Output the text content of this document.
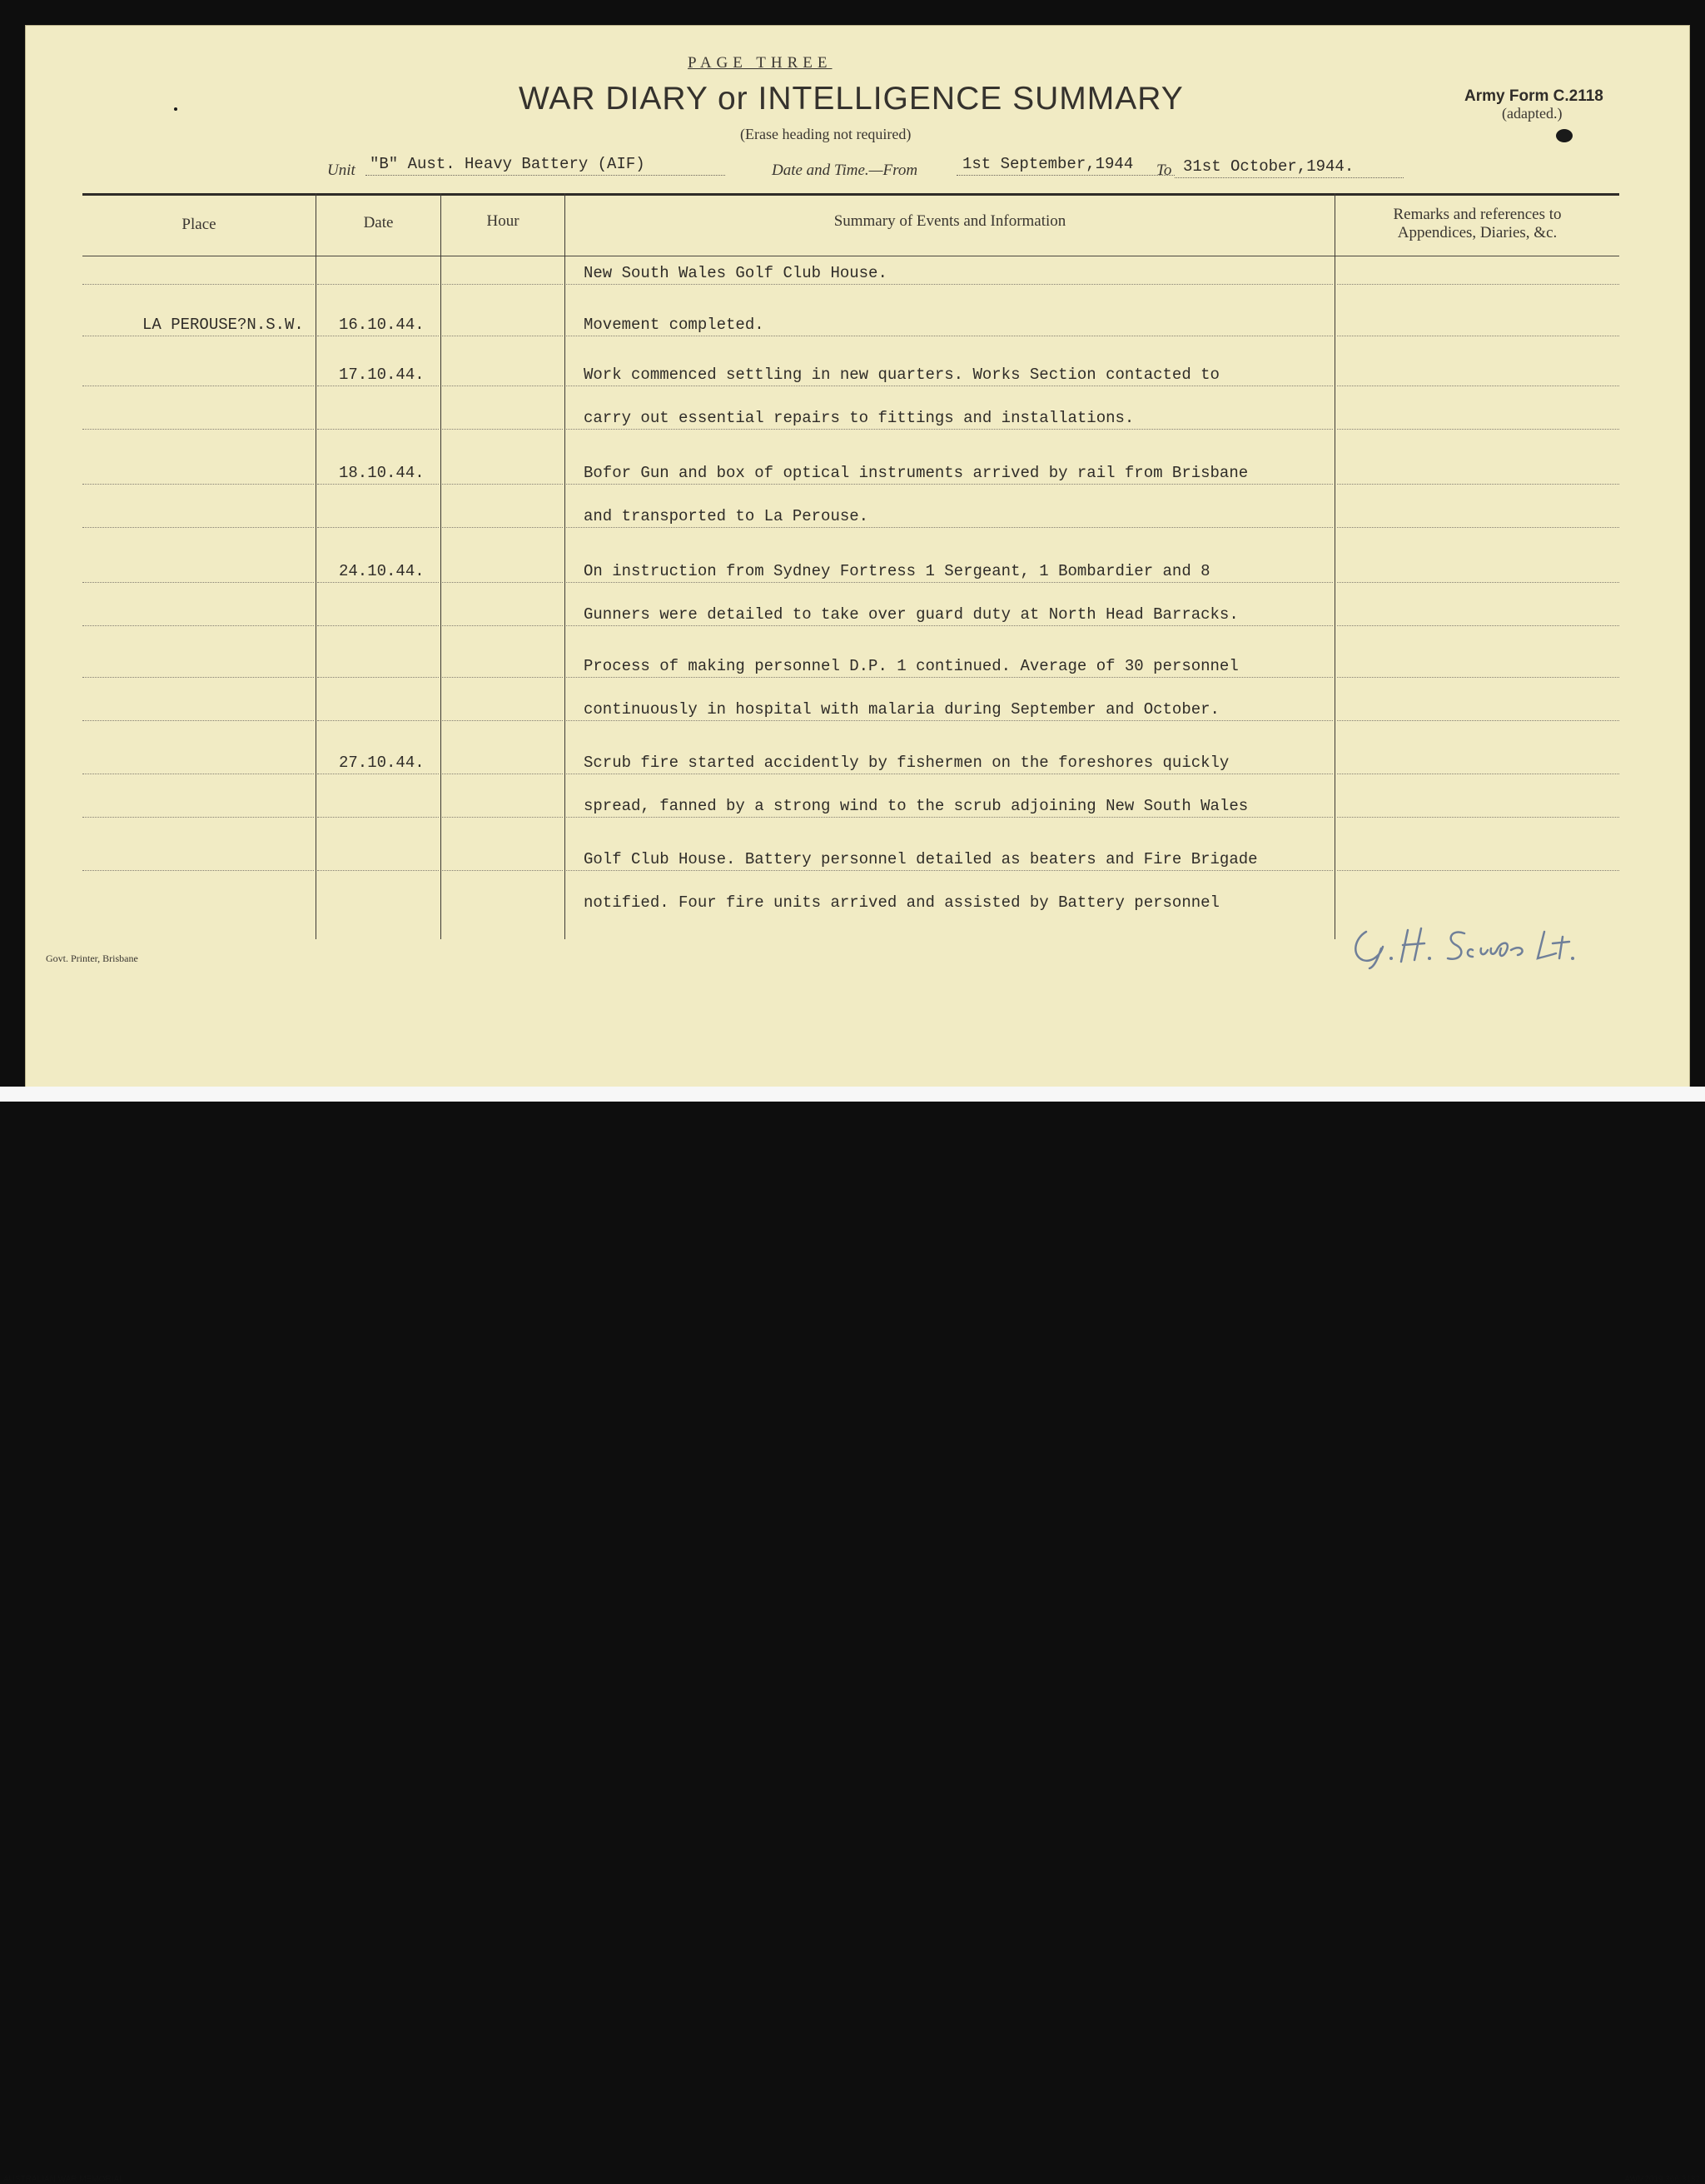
PAGE THREE
WAR DIARY or INTELLIGENCE SUMMARY
(Erase heading not required)
Army Form C.2118
(adapted.)
Unit "B" Aust. Heavy Battery (AIF)	Date and Time.—From	1st September,1944 To 31st October,1944.
Place	Date	Hour	Summary of Events and Information	Remarks and references to
Appendices, Diaries, &c.
New South Wales Golf Club House.
LA PEROUSE?N.S.W. 16.10.44.	Movement completed.
17.10.44.	Work commenced settling in new quarters. Works Section contacted to
carry out essential repairs to fittings and installations.
18.10.44.	Bofor Gun and box of optical instruments arrived by rail from Brisbane
and transported to La Perouse.
24.10.44.	On instruction from Sydney Fortress 1 Sergeant, 1 Bombardier and 8
Gunners were detailed to take over guard duty at North Head Barracks.
Process of making personnel D.P. 1 continued. Average of 30 personnel
continuously in hospital with malaria during September and October.
27.10.44.	Scrub fire started accidently by fishermen on the foreshores quickly
spread, fanned by a strong wind to the scrub adjoining New South Wales
Golf Club House. Battery personnel detailed as beaters and Fire Brigade
notified. Four fire units arrived and assisted by Battery personnel
Govt. Printer, Brisbane
AUSTRALIAN WAR MEMORIAL	AWM2019.366.3182
